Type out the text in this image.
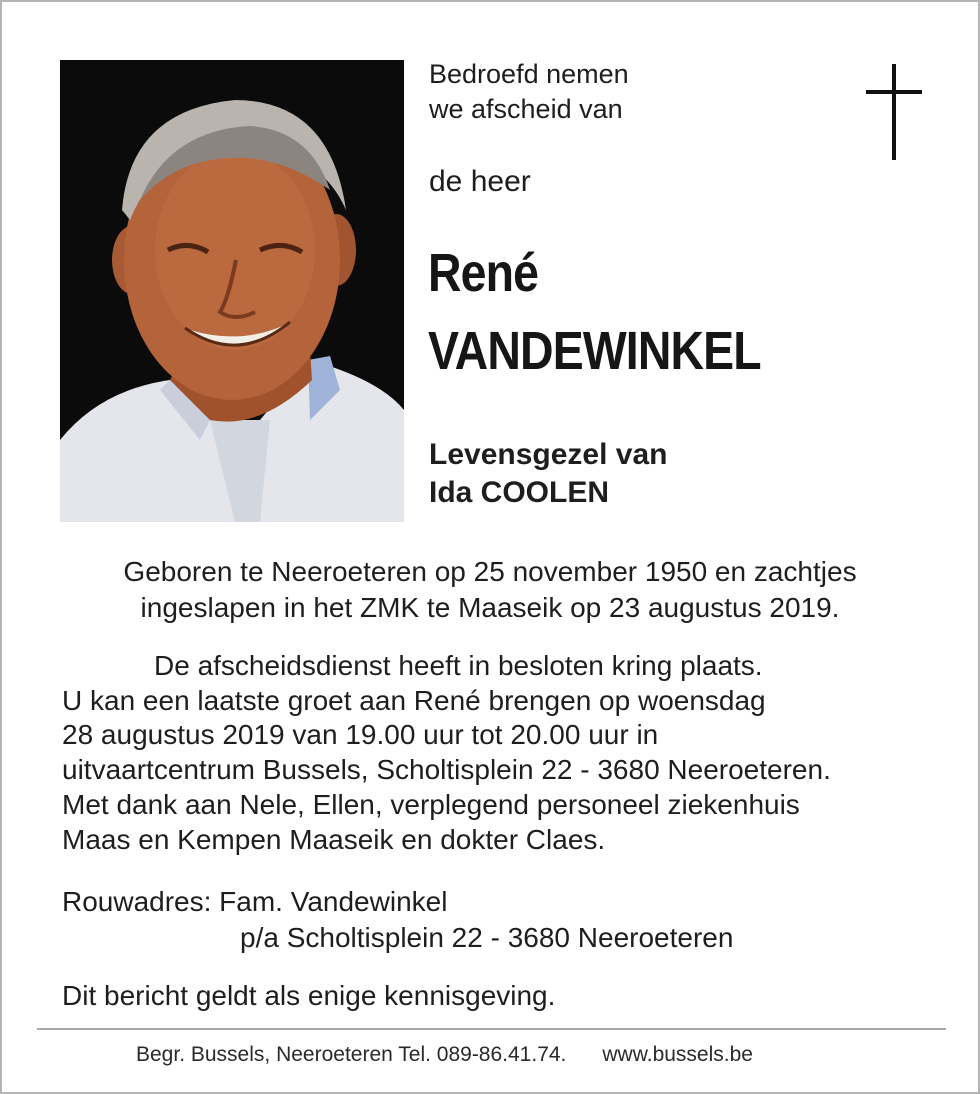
Bedroefd nemen
we afscheid van
de heer
René
VANDEWINKEL
Levensgezel van
Ida COOLEN
Geboren te Neeroeteren op 25 november 1950 en zachtjes
ingeslapen in het ZMK te Maaseik op 23 augustus 2019.
De afscheidsdienst heeft in besloten kring plaats.
U kan een laatste groet aan René brengen op woensdag
28 augustus 2019 van 19.00 uur tot 20.00 uur in
uitvaartcentrum Bussels, Scholtisplein 22 - 3680 Neeroeteren.
Met dank aan Nele, Ellen, verplegend personeel ziekenhuis
Maas en Kempen Maaseik en dokter Claes.
Rouwadres: Fam. Vandewinkel
p/a Scholtisplein 22 - 3680 Neeroeteren
Dit bericht geldt als enige kennisgeving.
Begr. Bussels, Neeroeteren Tel. 089-86.41.74. www.bussels.be
